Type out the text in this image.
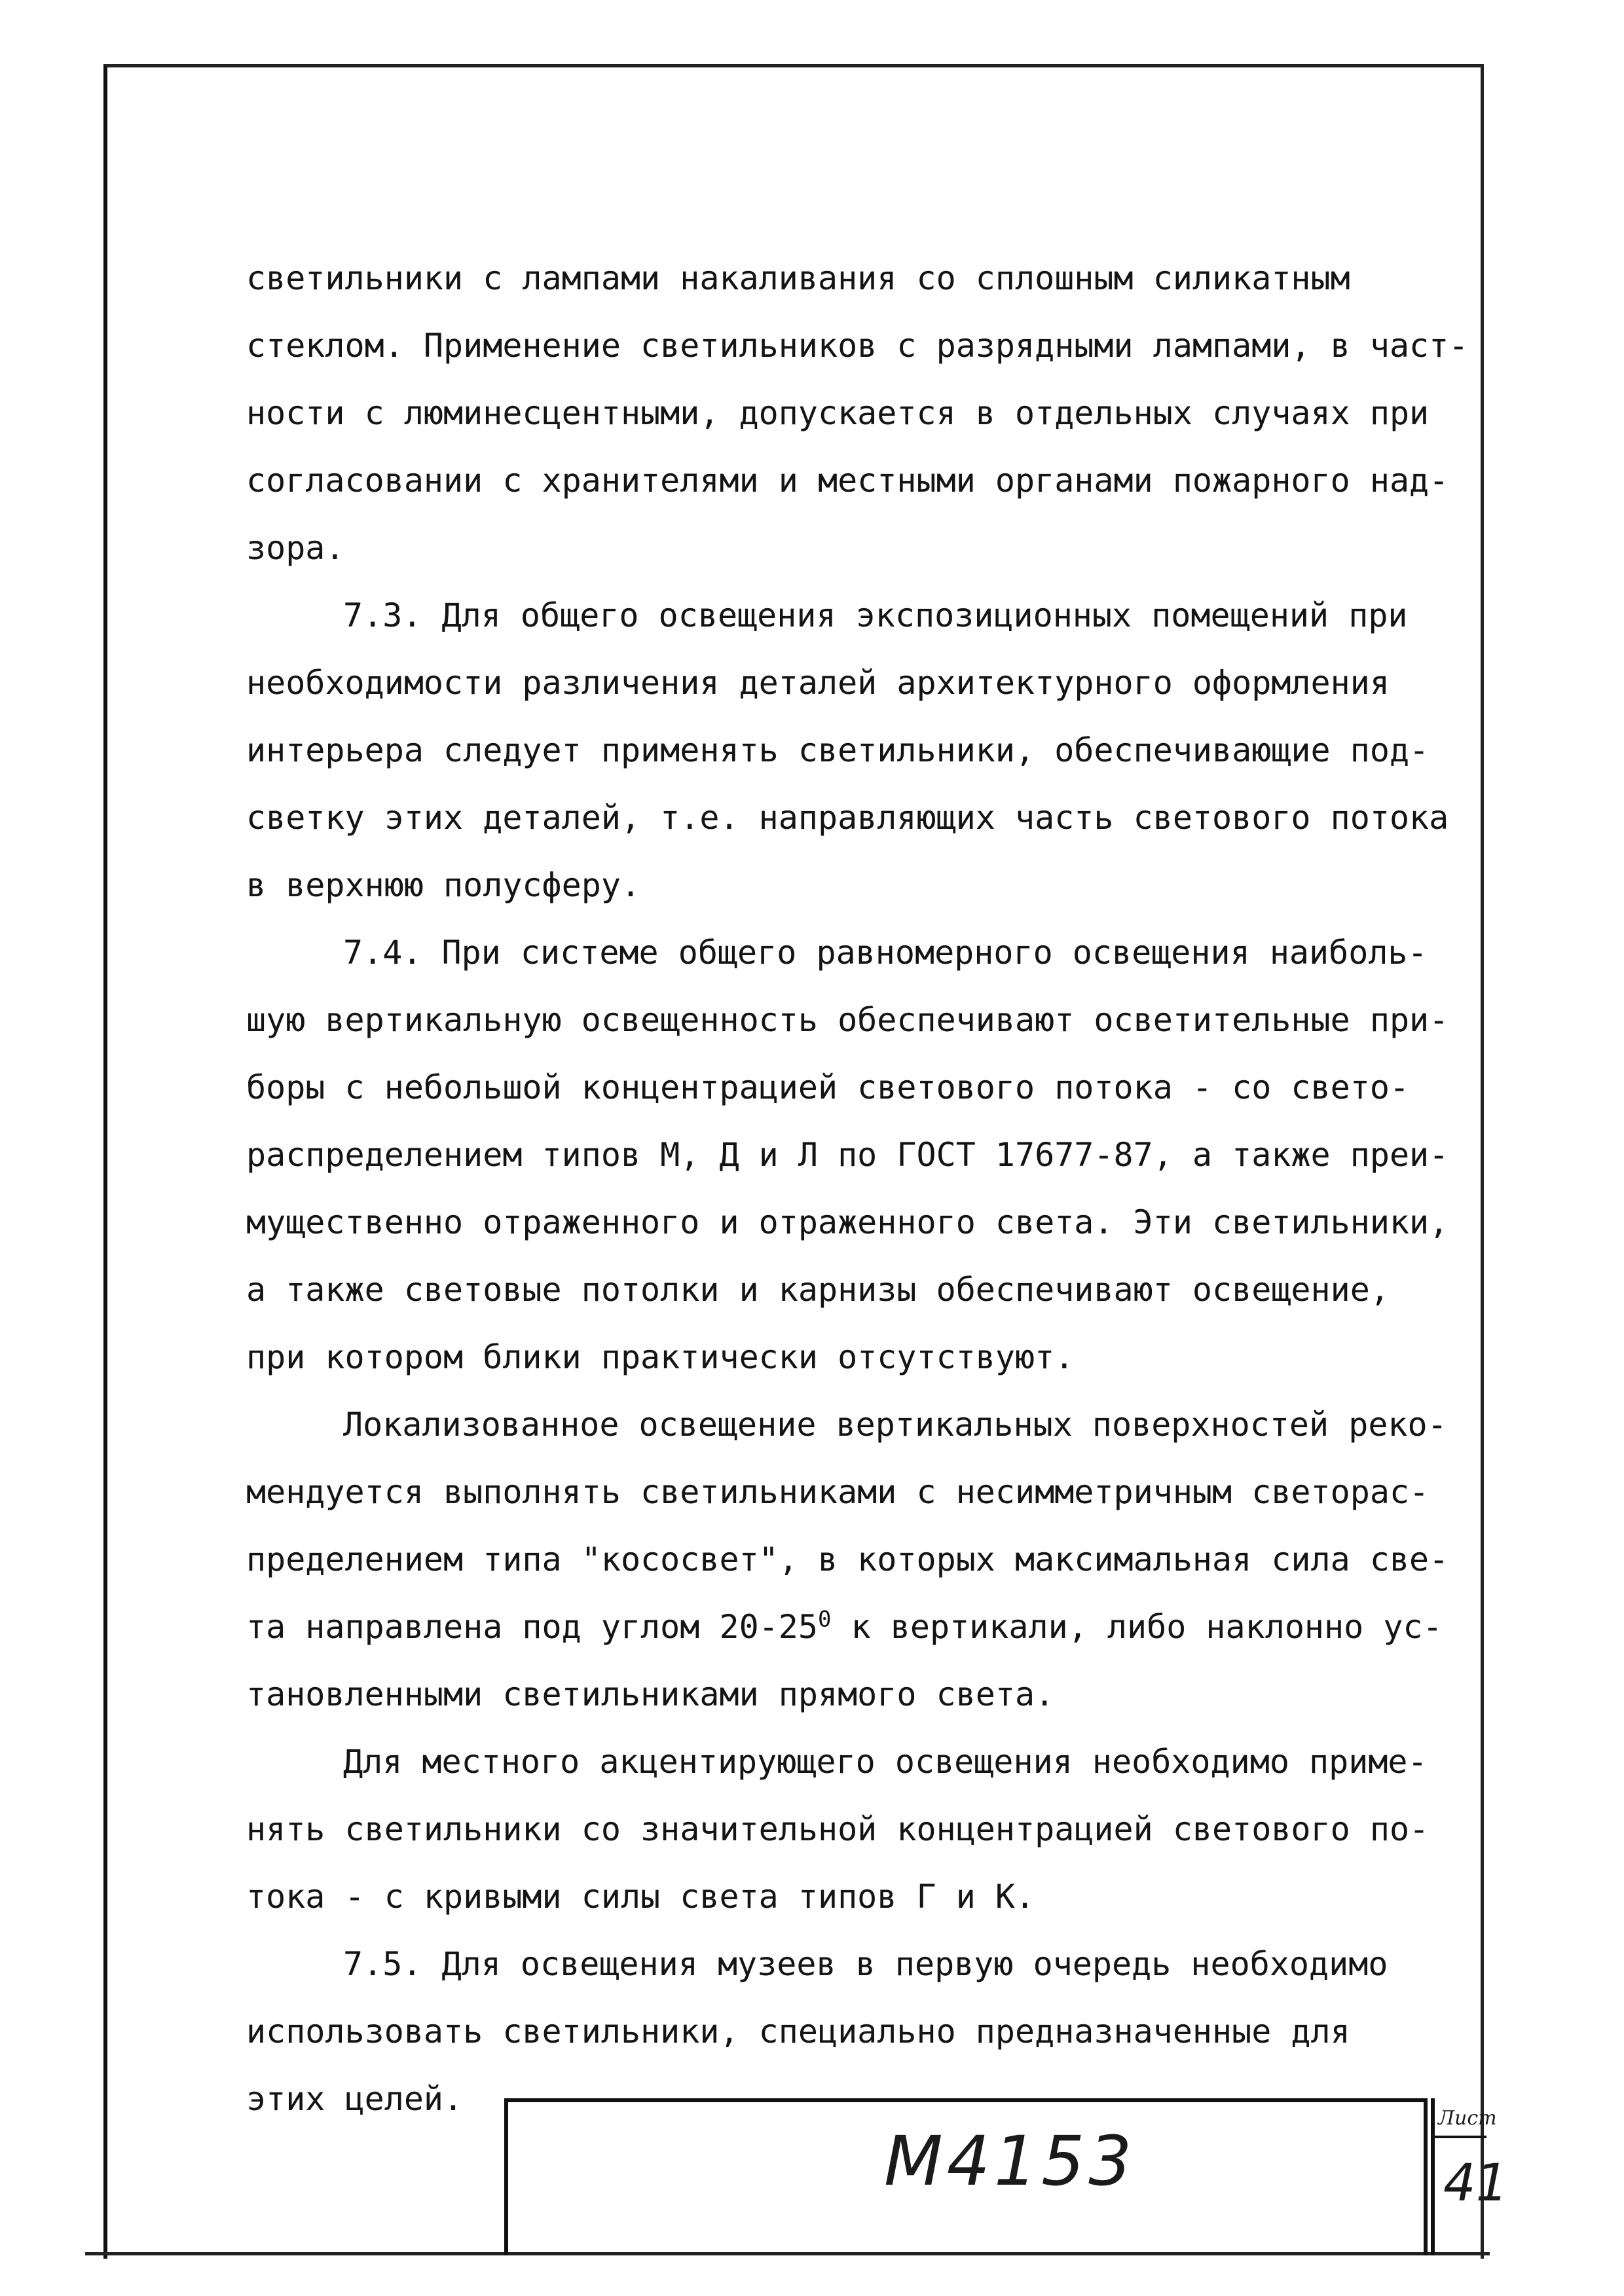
светильники с лампами накаливания со сплошным силикатным

стеклом. Применение светильников с разрядными лампами, в част-

ности с люминесцентными, допускается в отдельных случаях при

согласовании с хранителями и местными органами пожарного над-

зора.

7.3. Для общего освещения экспозиционных помещений при

необходимости различения деталей архитектурного оформления

интерьера следует применять светильники, обеспечивающие под-

светку этих деталей, т.е. направляющих часть светового потока

в верхнюю полусферу.

7.4. При системе общего равномерного освещения наиболь-

шую вертикальную освещенность обеспечивают осветительные при-

боры с небольшой концентрацией светового потока - со свето-

распределением типов М, Д и Л по ГОСТ 17677-87, а также преи-

мущественно отраженного и отраженного света. Эти светильники,

а также световые потолки и карнизы обеспечивают освещение,

при котором блики практически отсутствуют.

Локализованное освещение вертикальных поверхностей реко-

мендуется выполнять светильниками с несимметричным светорас-

пределением типа "кососвет", в которых максимальная сила све-

та направлена под углом $20-25^0$ к вертикали, либо наклонно ус-

тановленными светильниками прямого света.

Для местного акцентирующего освещения необходимо приме-

нять светильники со значительной концентрацией светового по-

тока - с кривыми силы света типов Г и К.

7.5. Для освещения музеев в первую очередь необходимо

использовать светильники, специально предназначенные для

этих целей.

М4153
Лист
41
